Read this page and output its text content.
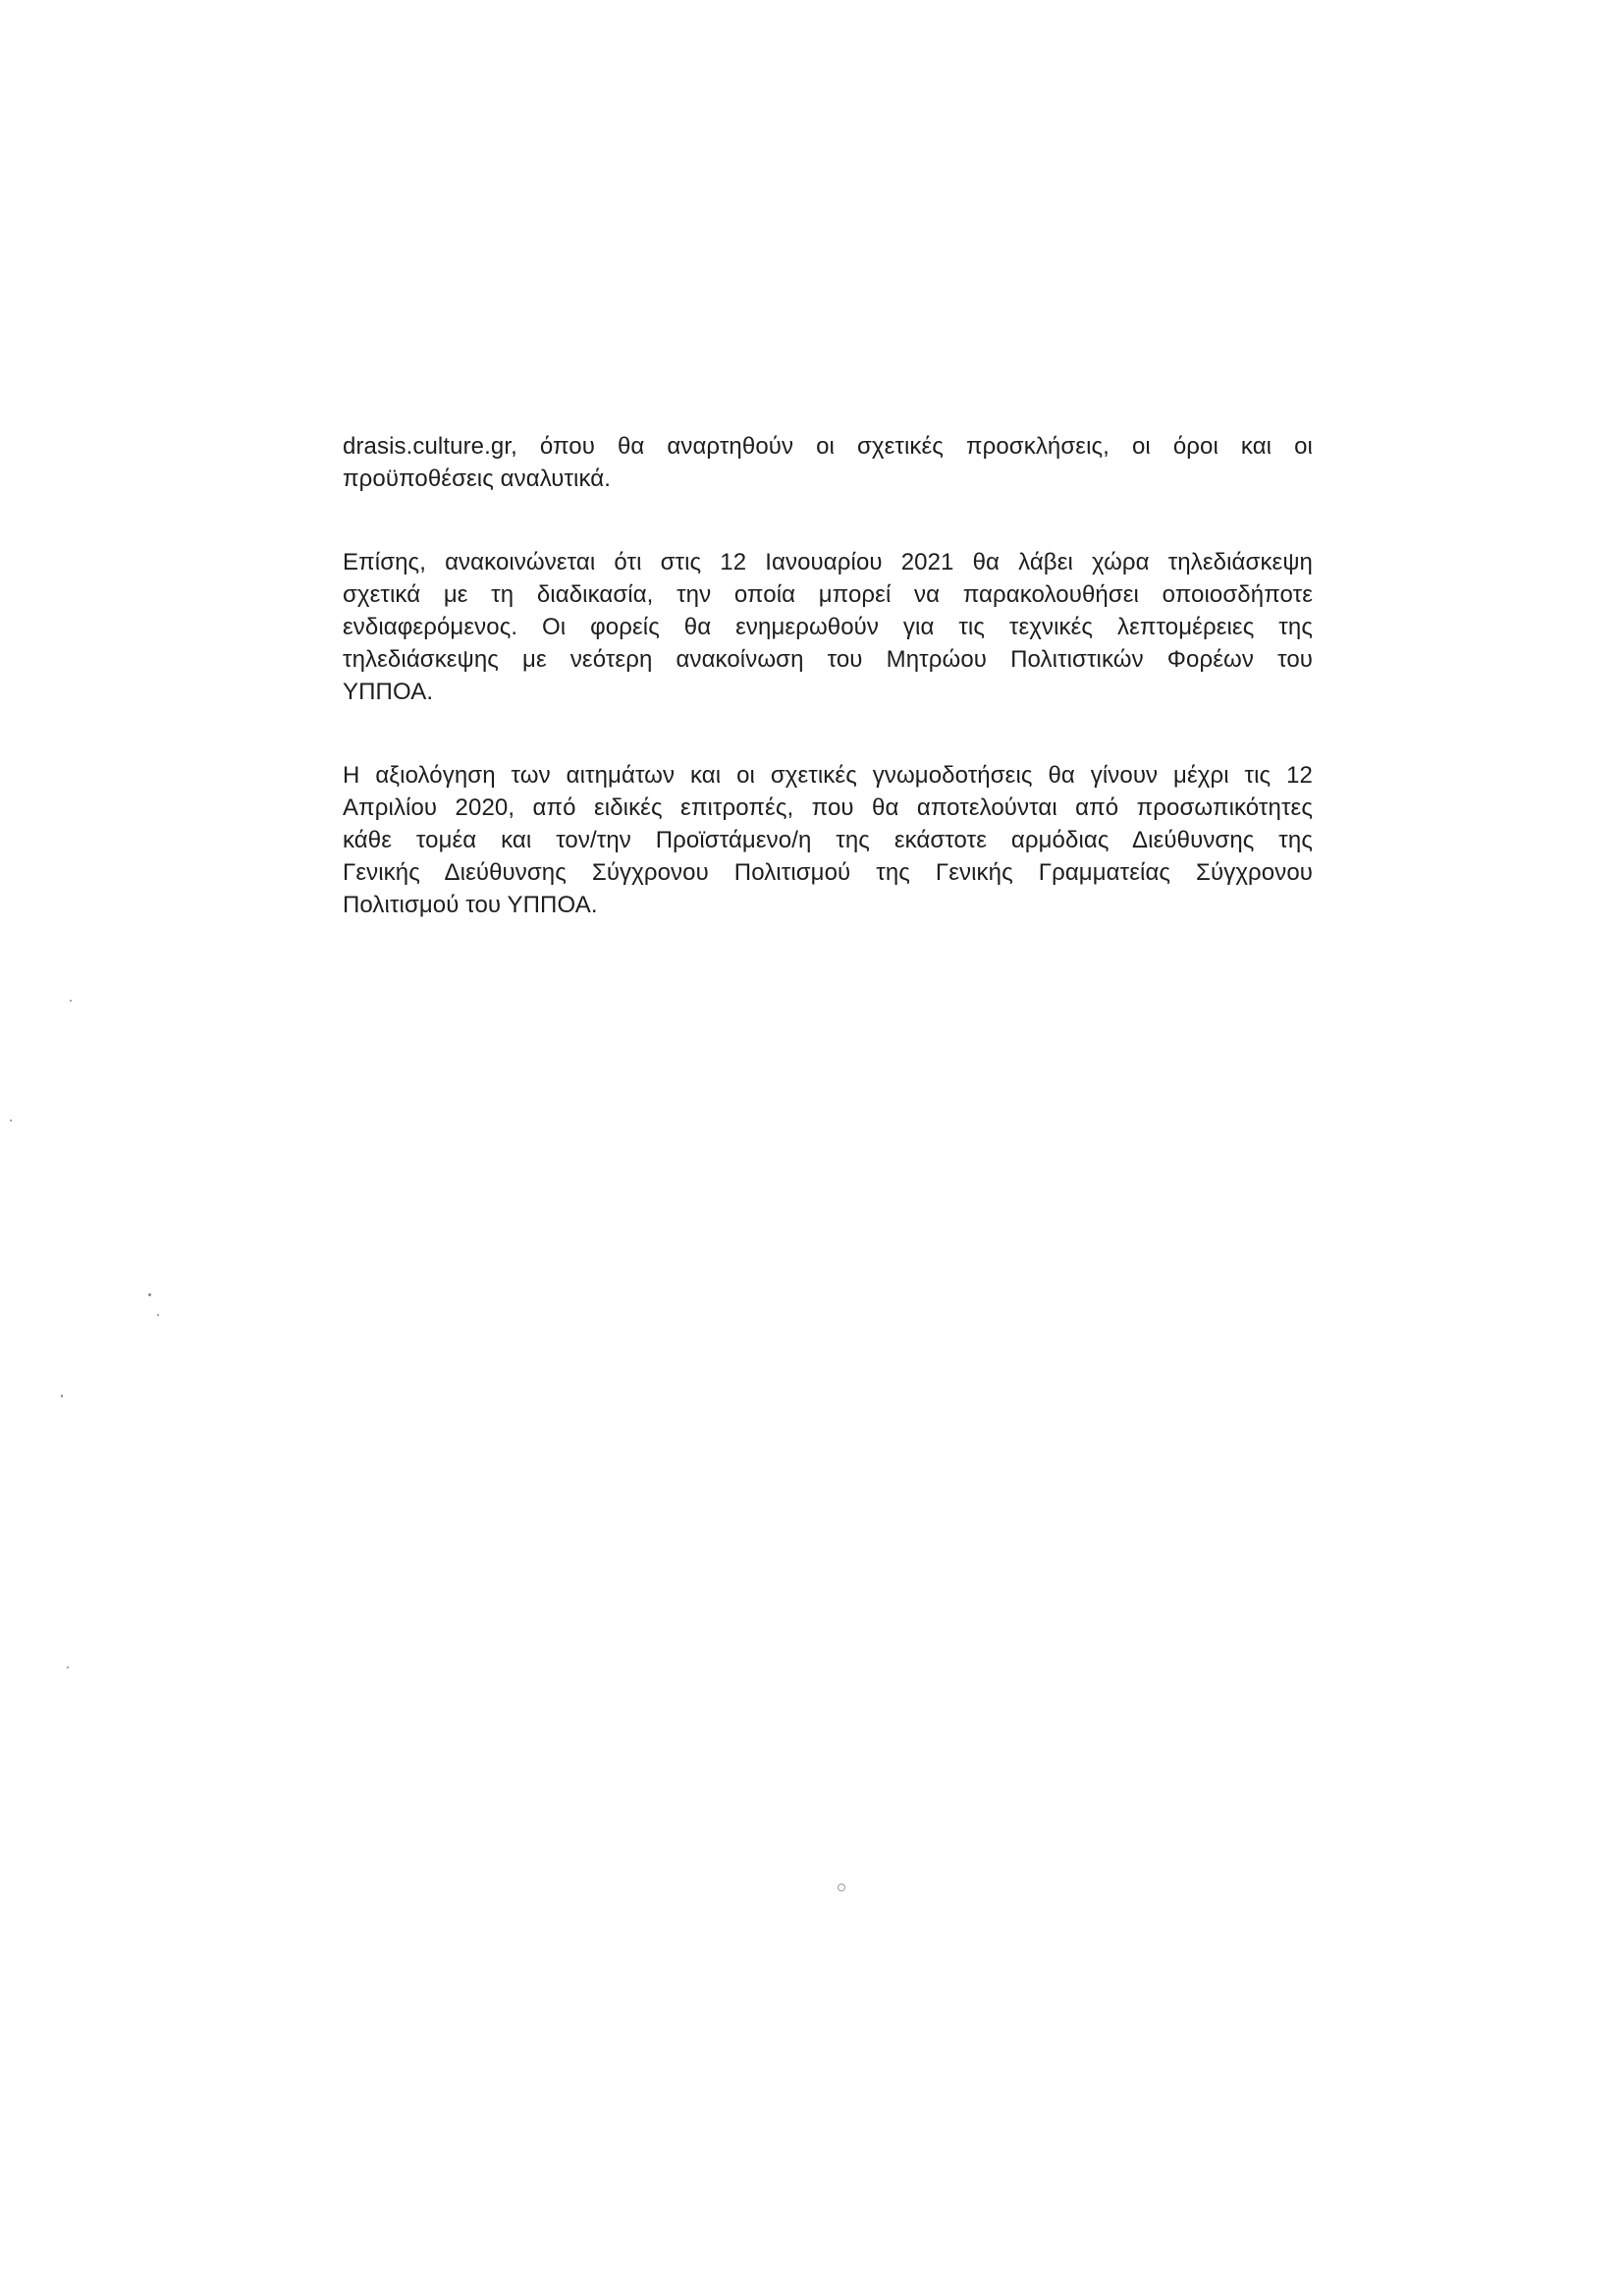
drasis.culture.gr, όπου θα αναρτηθούν οι σχετικές προσκλήσεις, οι όροι και οι
προϋποθέσεις αναλυτικά.

Επίσης, ανακοινώνεται ότι στις 12 Ιανουαρίου 2021 θα λάβει χώρα τηλεδιάσκεψη
σχετικά με τη διαδικασία, την οποία μπορεί να παρακολουθήσει οποιοσδήποτε
ενδιαφερόμενος. Οι φορείς θα ενημερωθούν για τις τεχνικές λεπτομέρειες της
τηλεδιάσκεψης με νεότερη ανακοίνωση του Μητρώου Πολιτιστικών Φορέων του
ΥΠΠΟΑ.

Η αξιολόγηση των αιτημάτων και οι σχετικές γνωμοδοτήσεις θα γίνουν μέχρι τις 12
Απριλίου 2020, από ειδικές επιτροπές, που θα αποτελούνται από προσωπικότητες
κάθε τομέα και τον/την Προϊστάμενο/η της εκάστοτε αρμόδιας Διεύθυνσης της
Γενικής Διεύθυνσης Σύγχρονου Πολιτισμού της Γενικής Γραμματείας Σύγχρονου
Πολιτισμού του ΥΠΠΟΑ.
